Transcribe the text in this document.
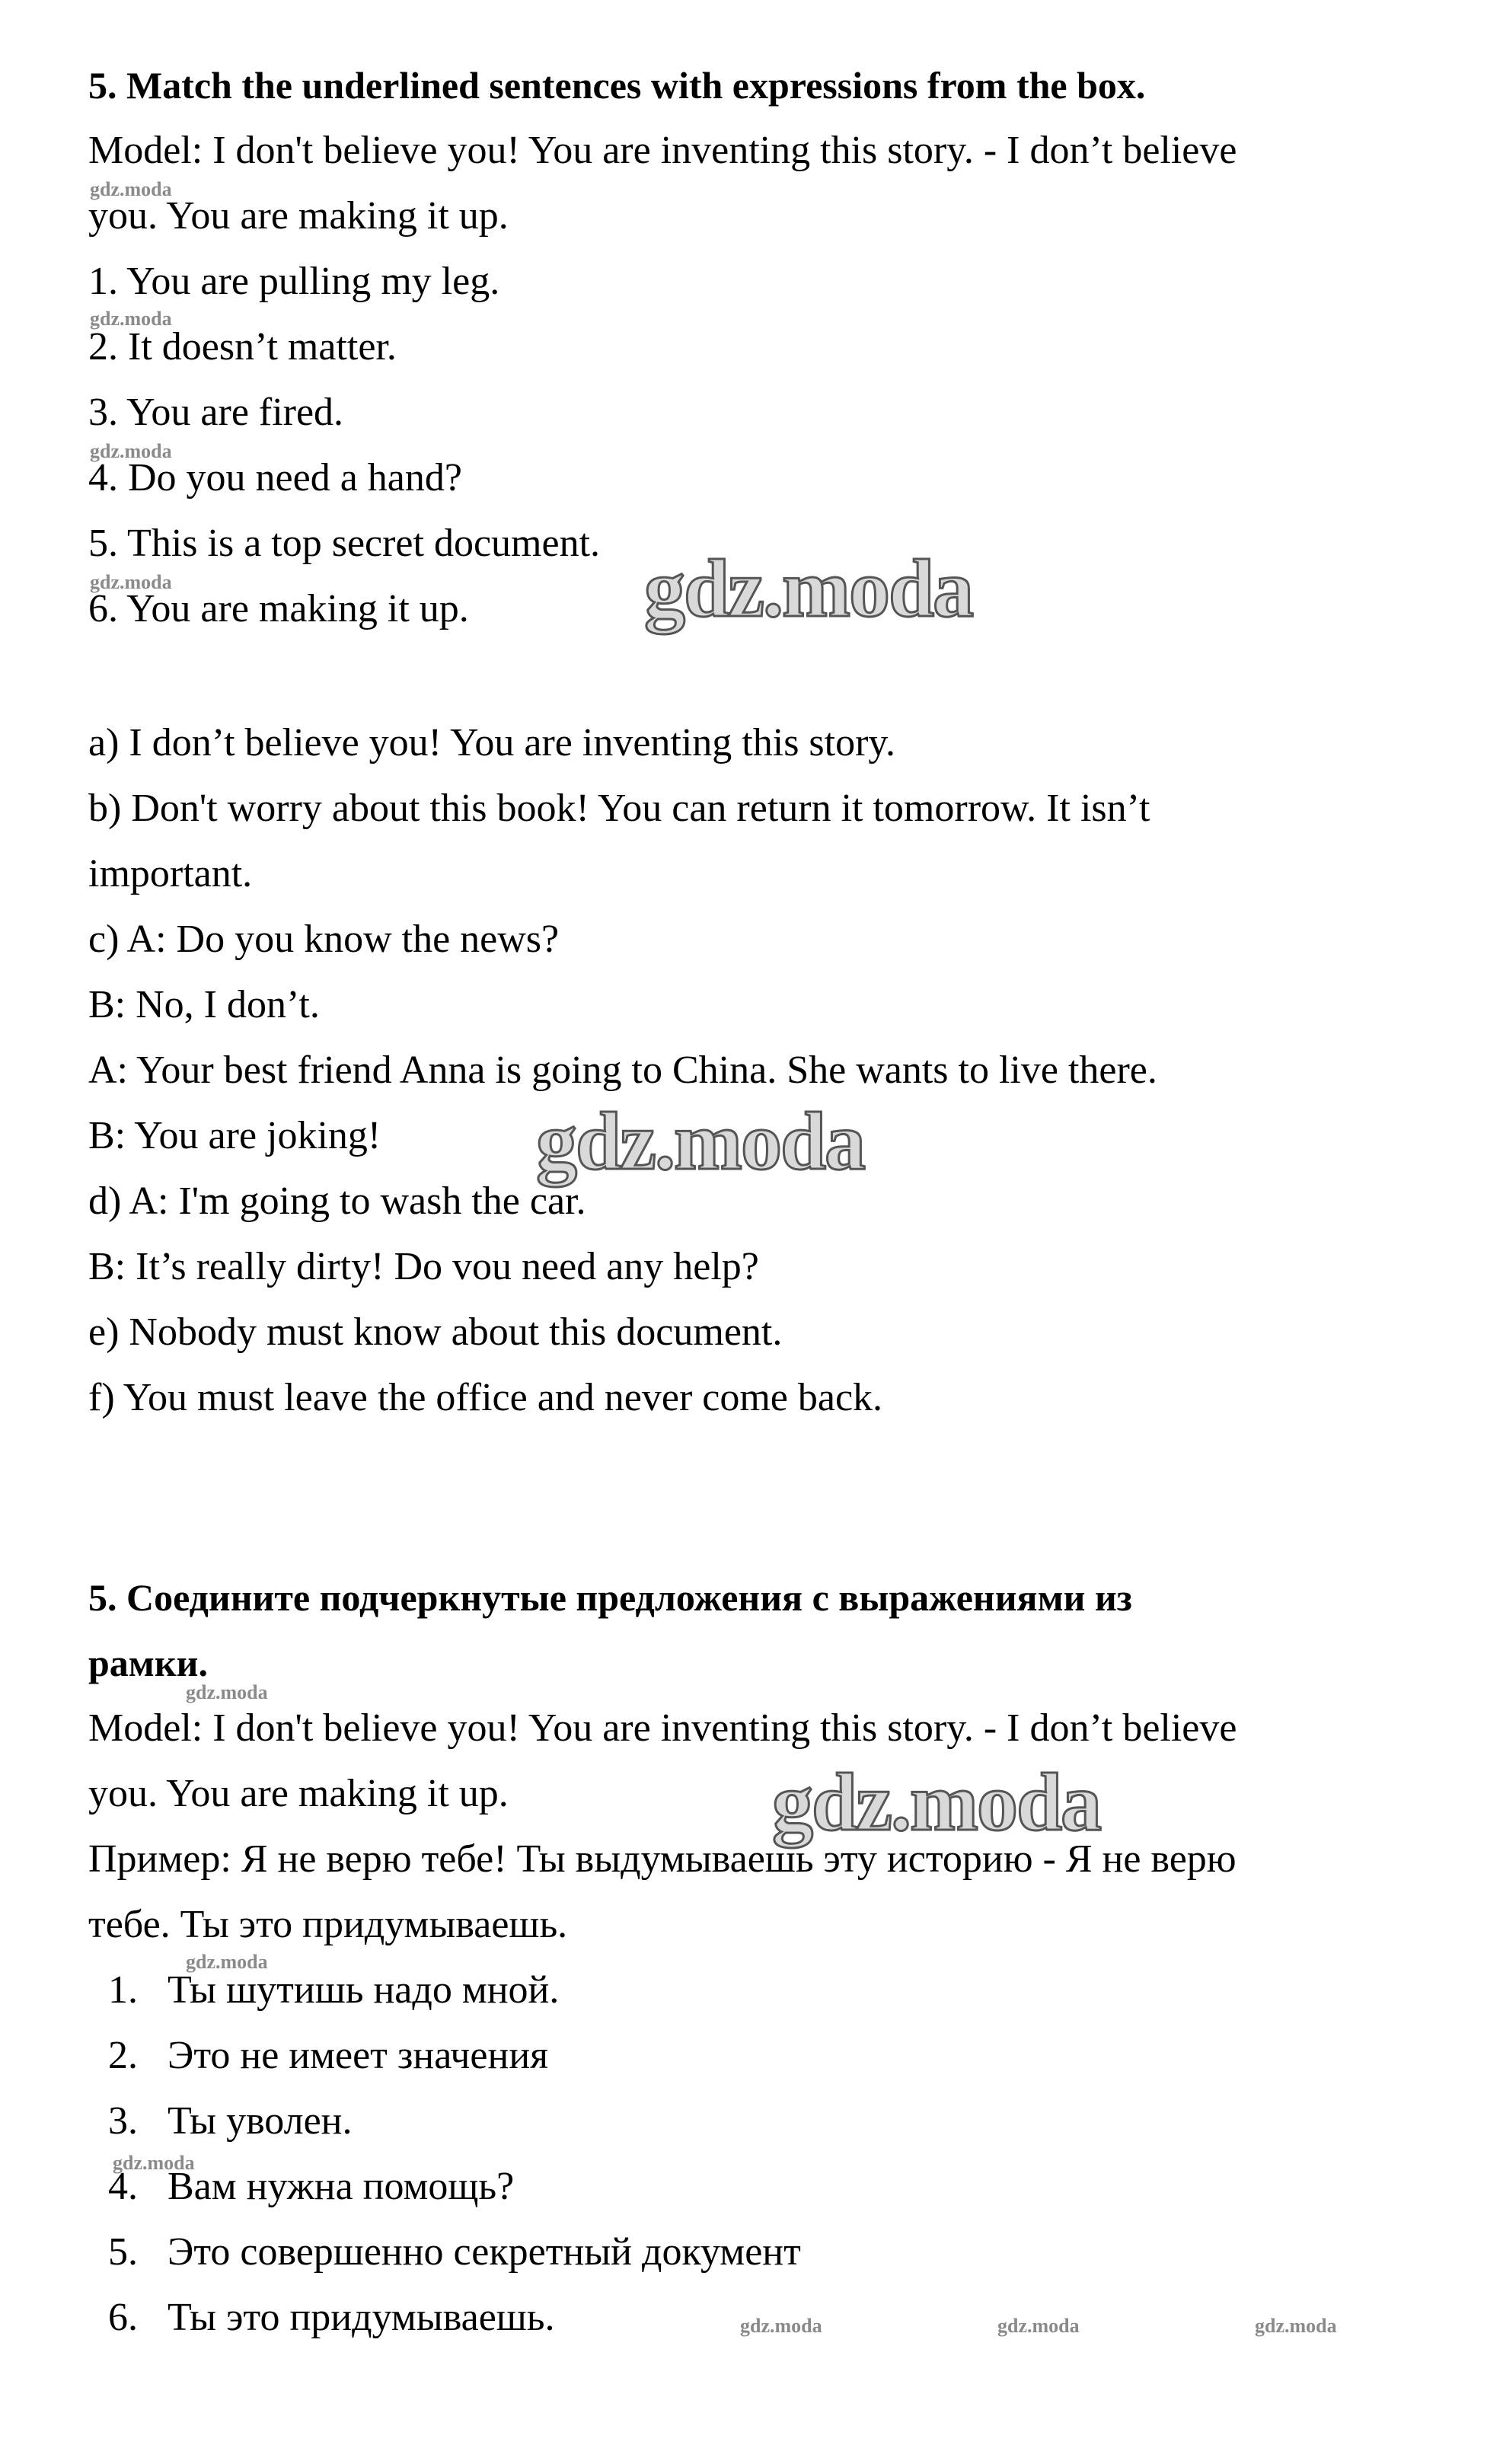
5. Match the underlined sentences with expressions from the box.
Model: I don't believe you! You are inventing this story. - I don’t believe
you. You are making it up.
1. You are pulling my leg.
2. It doesn’t matter.
3. You are fired.
4. Do you need a hand?
5. This is a top secret document.
6. You are making it up.
a) I don’t believe you! You are inventing this story.
b) Don't worry about this book! You can return it tomorrow. It isn’t
important.
c) A: Do you know the news?
B: No, I don’t.
A: Your best friend Anna is going to China. She wants to live there.
B: You are joking!
d) A: I'm going to wash the car.
B: It’s really dirty! Do vou need any help?
e) Nobody must know about this document.
f) You must leave the office and never come back.
5. Соедините подчеркнутые предложения с выражениями из
рамки.
Model: I don't believe you! You are inventing this story. - I don’t believe
you. You are making it up.
Пример: Я не верю тебе! Ты выдумываешь эту историю - Я не верю
тебе. Ты это придумываешь.
1. Ты шутишь надо мной.
2. Это не имеет значения
3. Ты уволен.
4. Вам нужна помощь?
5. Это совершенно секретный документ
6. Ты это придумываешь.
gdz.moda
gdz.moda
gdz.moda
gdz.moda
gdz.moda
gdz.moda
gdz.moda
gdz.moda	gdz.moda	gdz.moda
gdz.moda
gdz.moda
gdz.moda
